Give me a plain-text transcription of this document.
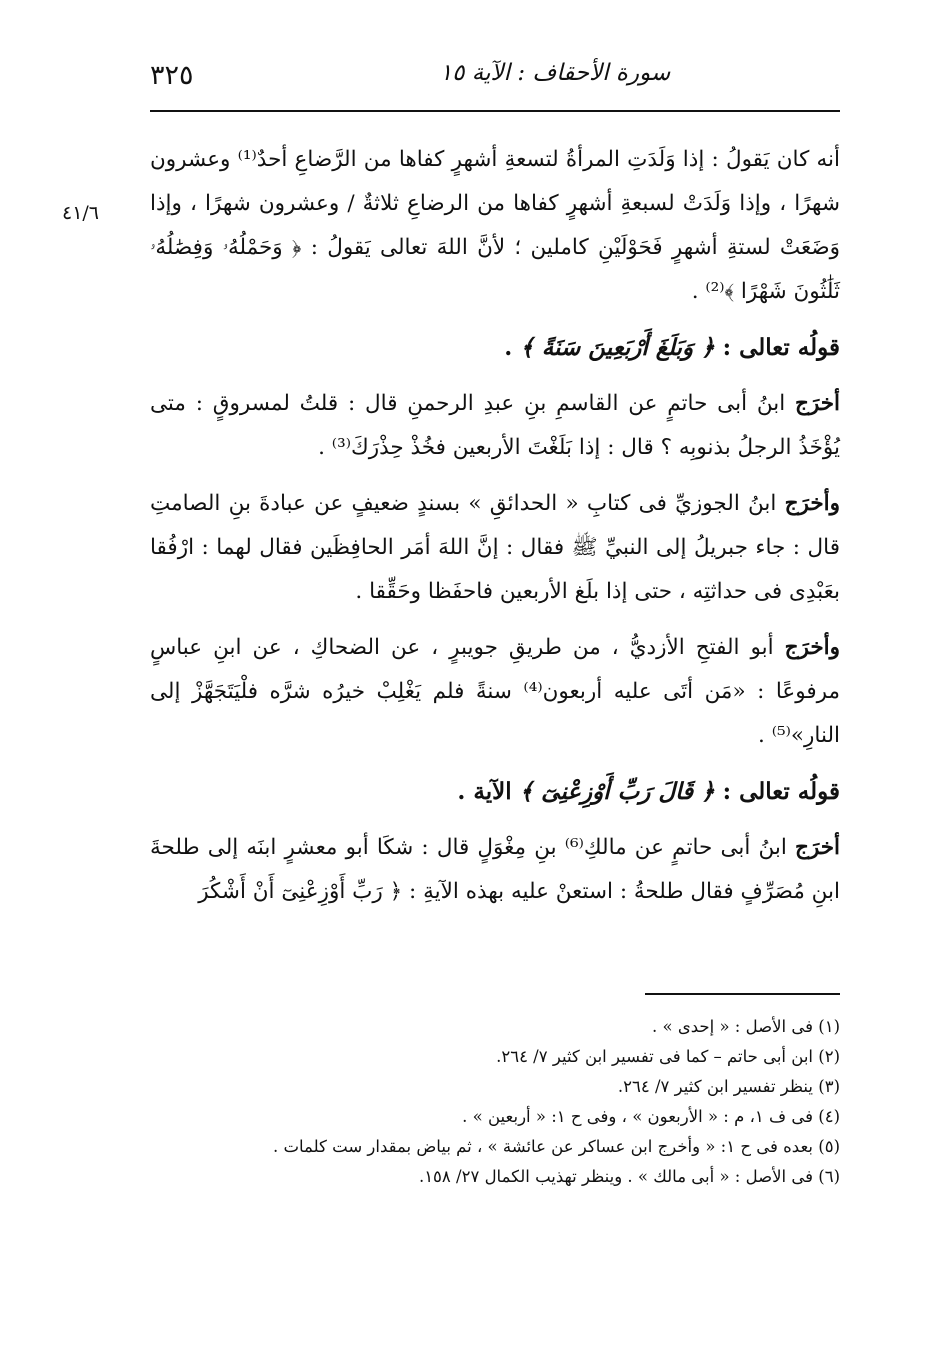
٣٢٥	سورة الأحقاف : الآية ١٥
٤١/٦

أنه كان يَقولُ : إذا وَلَدَتِ المرأةُ لتسعةِ أشهرٍ كفاها من الرَّضاعِ أحدٌ⁽¹⁾ وعشرون شهرًا ، وإذا وَلَدَتْ لسبعةِ أشهرٍ كفاها من الرضاعِ ثلاثةٌ / وعشرون شهرًا ، وإذا وَضَعَتْ لستةِ أشهرٍ فَحَوْلَيْنِ كاملين ؛ لأنَّ اللهَ تعالى يَقولُ : ﴿ وَحَمْلُهُۥ وَفِصَٰلُهُۥ ثَلَٰثُونَ شَهْرًا ﴾⁽²⁾ .

قولُه تعالى : ﴿ وَبَلَغَ أَرْبَعِينَ سَنَةً ﴾ .

أخرَج ابنُ أبى حاتمٍ عن القاسمِ بنِ عبدِ الرحمنِ قال : قلتُ لمسروقٍ : متى يُؤْخَذُ الرجلُ بذنوبِه ؟ قال : إذا بَلَغْتَ الأربعين فخُذْ حِذْرَكَ⁽³⁾ .

وأخرَج ابنُ الجوزيِّ فى كتابِ « الحدائقِ » بسندٍ ضعيفٍ عن عبادةَ بنِ الصامتِ قال : جاء جبريلُ إلى النبيِّ ﷺ فقال : إنَّ اللهَ أمَر الحافِظَين فقال لهما : ارْفُقا بعَبْدِى فى حداثتِه ، حتى إذا بلَغ الأربعين فاحفَظا وحَقِّقا .

وأخرَج أبو الفتحِ الأزديُّ ، من طريقِ جويبرٍ ، عن الضحاكِ ، عن ابنِ عباسٍ مرفوعًا : «مَن أتَى عليه أربعون⁽⁴⁾ سنةً فلم يَغْلِبْ خيرُه شرَّه فلْيَتَجَهَّزْ إلى النارِ»⁽⁵⁾ .

قولُه تعالى : ﴿ قَالَ رَبِّ أَوْزِعْنِىٓ ﴾ الآية .

أخرَج ابنُ أبى حاتمٍ عن مالكِ⁽⁶⁾ بنِ مِغْوَلٍ قال : شكَا أبو معشرٍ ابنَه إلى طلحةَ ابنِ مُصَرِّفٍ فقال طلحةُ : استعنْ عليه بهذه الآيةِ : ﴿ رَبِّ أَوْزِعْنِىٓ أَنْ أَشْكُرَ

(١) فى الأصل : « إحدى » .

(٢) ابن أبى حاتم – كما فى تفسير ابن كثير ٧/ ٢٦٤.

(٣) ينظر تفسير ابن كثير ٧/ ٢٦٤.

(٤) فى ف ١، م : « الأربعون » ، وفى ح ١: « أربعين » .

(٥) بعده فى ح ١: « وأخرج ابن عساكر عن عائشة » ، ثم بياض بمقدار ست كلمات .

(٦) فى الأصل : « أبى مالك » . وينظر تهذيب الكمال ٢٧/ ١٥٨.
